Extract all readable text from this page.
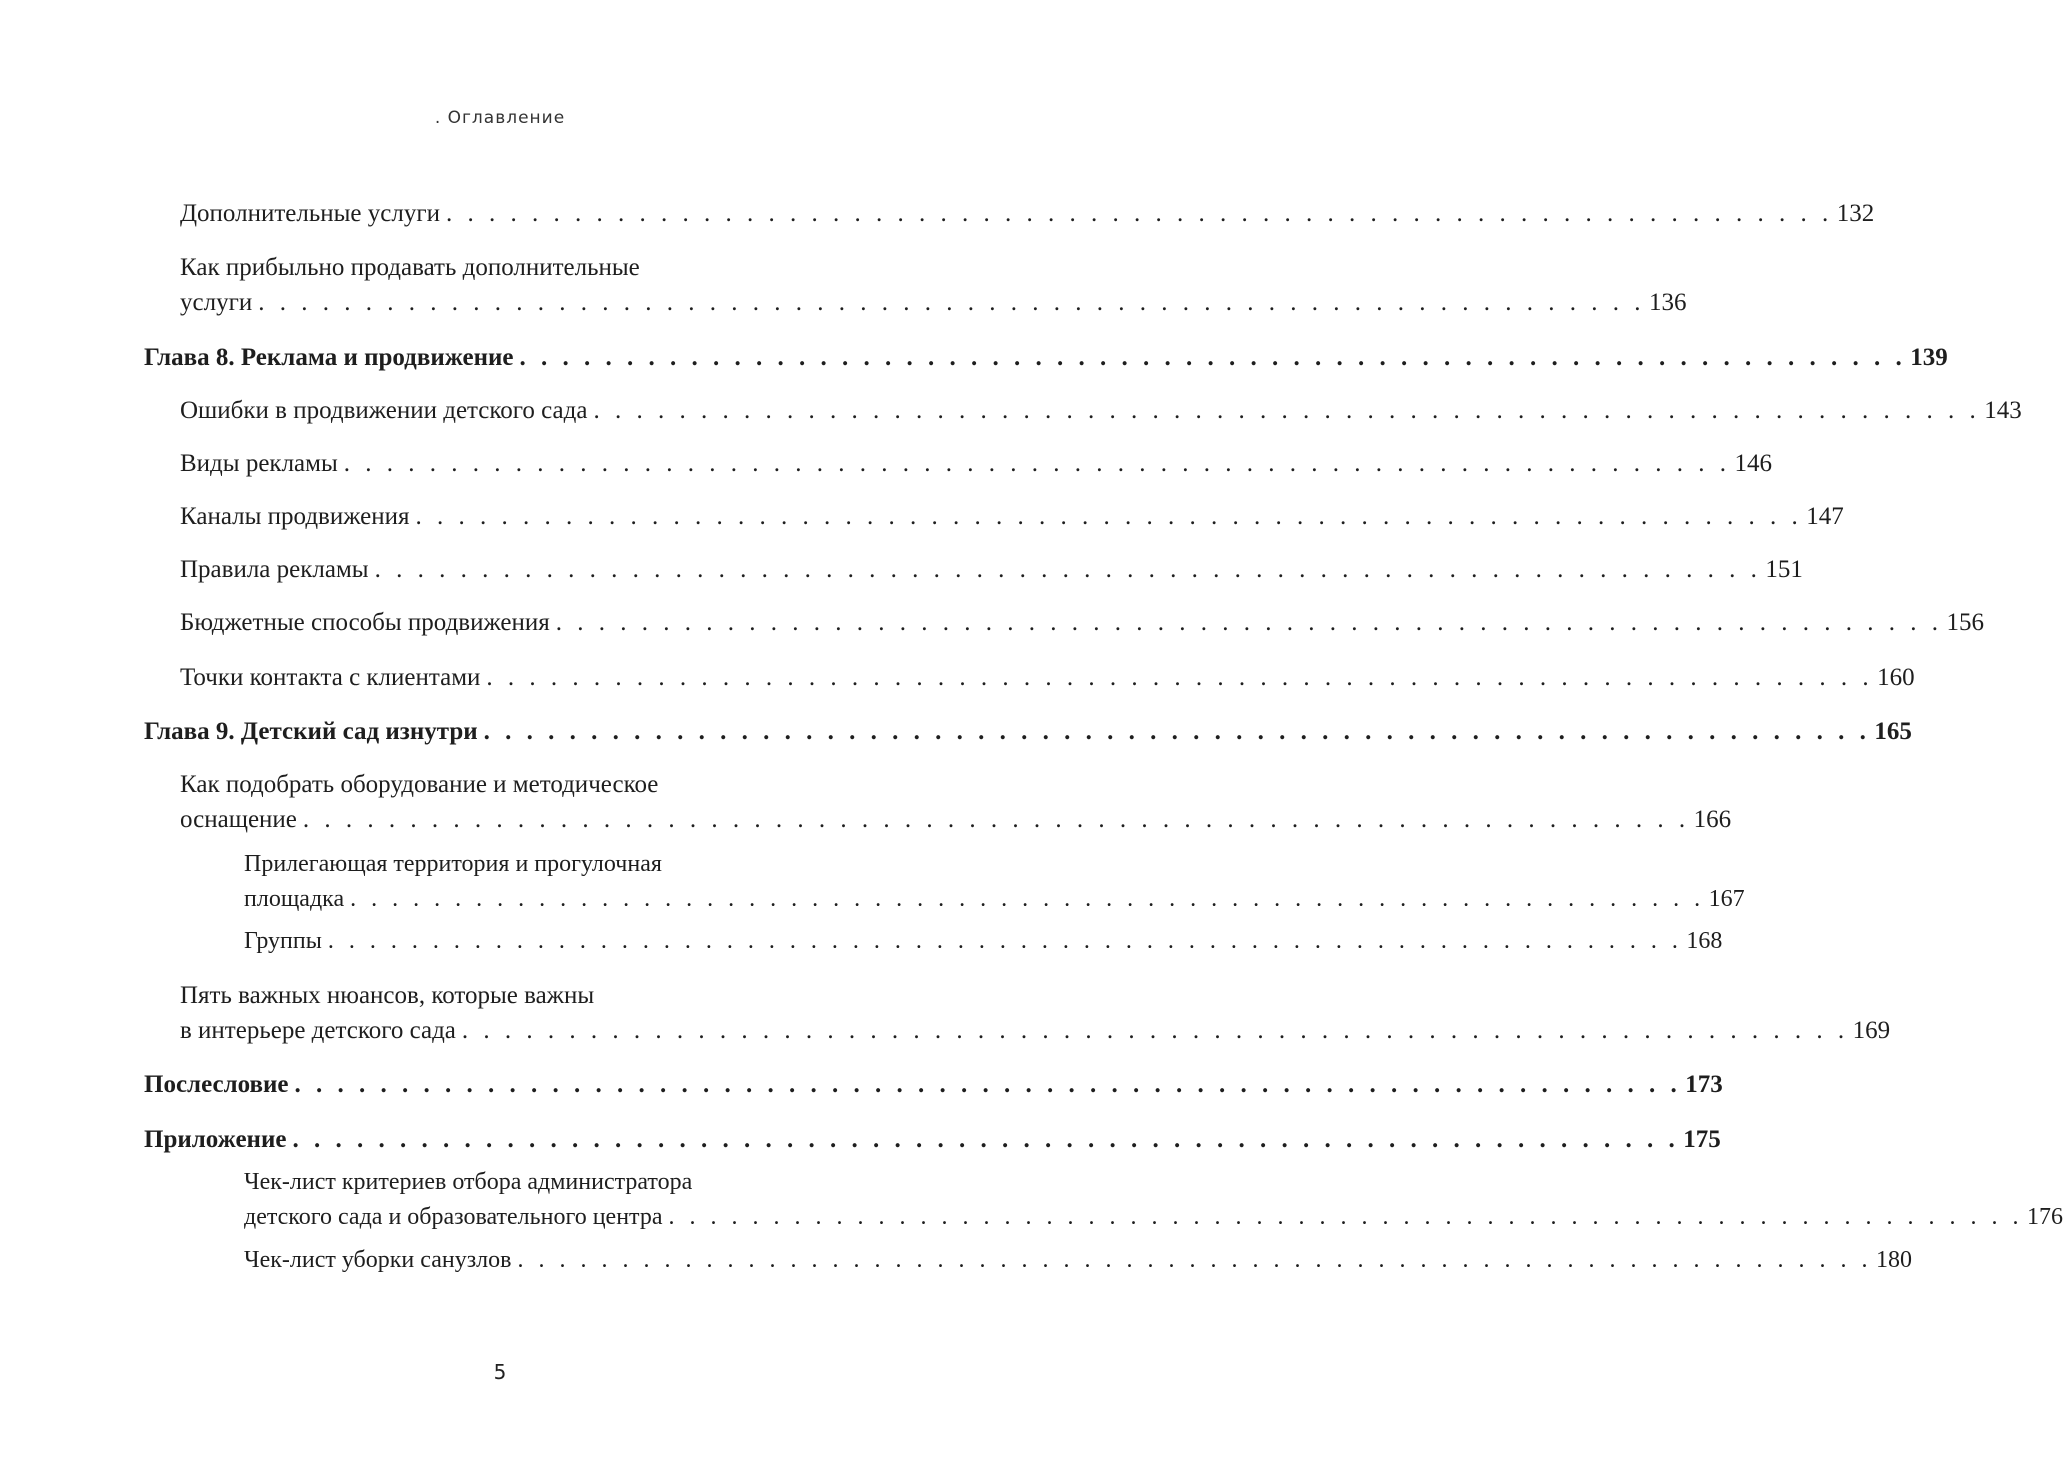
. Оглавление
Дополнительные услуги . . . . . . . . . . . . . . . . . . . . . . . . . . . . . . . . . . . . . . . . . . . . . . . . . . . . . . . . . . . . . . . . . 132
Как прибыльно продавать дополнительные
услуги . . . . . . . . . . . . . . . . . . . . . . . . . . . . . . . . . . . . . . . . . . . . . . . . . . . . . . . . . . . . . . . . . 136
Глава 8. Реклама и продвижение . . . . . . . . . . . . . . . . . . . . . . . . . . . . . . . . . . . . . . . . . . . . . . . . . . . . . . . . . . . . . . . . . 139
Ошибки в продвижении детского сада . . . . . . . . . . . . . . . . . . . . . . . . . . . . . . . . . . . . . . . . . . . . . . . . . . . . . . . . . . . . . . . . . 143
Виды рекламы . . . . . . . . . . . . . . . . . . . . . . . . . . . . . . . . . . . . . . . . . . . . . . . . . . . . . . . . . . . . . . . . . 146
Каналы продвижения . . . . . . . . . . . . . . . . . . . . . . . . . . . . . . . . . . . . . . . . . . . . . . . . . . . . . . . . . . . . . . . . . 147
Правила рекламы . . . . . . . . . . . . . . . . . . . . . . . . . . . . . . . . . . . . . . . . . . . . . . . . . . . . . . . . . . . . . . . . . 151
Бюджетные способы продвижения . . . . . . . . . . . . . . . . . . . . . . . . . . . . . . . . . . . . . . . . . . . . . . . . . . . . . . . . . . . . . . . . . 156
Точки контакта с клиентами . . . . . . . . . . . . . . . . . . . . . . . . . . . . . . . . . . . . . . . . . . . . . . . . . . . . . . . . . . . . . . . . . 160
Глава 9. Детский сад изнутри . . . . . . . . . . . . . . . . . . . . . . . . . . . . . . . . . . . . . . . . . . . . . . . . . . . . . . . . . . . . . . . . . 165
Как подобрать оборудование и методическое
оснащение . . . . . . . . . . . . . . . . . . . . . . . . . . . . . . . . . . . . . . . . . . . . . . . . . . . . . . . . . . . . . . . . . 166
Прилегающая территория и прогулочная
площадка . . . . . . . . . . . . . . . . . . . . . . . . . . . . . . . . . . . . . . . . . . . . . . . . . . . . . . . . . . . . . . . . . 167
Группы . . . . . . . . . . . . . . . . . . . . . . . . . . . . . . . . . . . . . . . . . . . . . . . . . . . . . . . . . . . . . . . . . 168
Пять важных нюансов, которые важны
в интерьере детского сада . . . . . . . . . . . . . . . . . . . . . . . . . . . . . . . . . . . . . . . . . . . . . . . . . . . . . . . . . . . . . . . . . 169
Послесловие . . . . . . . . . . . . . . . . . . . . . . . . . . . . . . . . . . . . . . . . . . . . . . . . . . . . . . . . . . . . . . . . . 173
Приложение . . . . . . . . . . . . . . . . . . . . . . . . . . . . . . . . . . . . . . . . . . . . . . . . . . . . . . . . . . . . . . . . . 175
Чек-лист критериев отбора администратора
детского сада и образовательного центра . . . . . . . . . . . . . . . . . . . . . . . . . . . . . . . . . . . . . . . . . . . . . . . . . . . . . . . . . . . . . . . . . 176
Чек-лист уборки санузлов . . . . . . . . . . . . . . . . . . . . . . . . . . . . . . . . . . . . . . . . . . . . . . . . . . . . . . . . . . . . . . . . . 180
5
